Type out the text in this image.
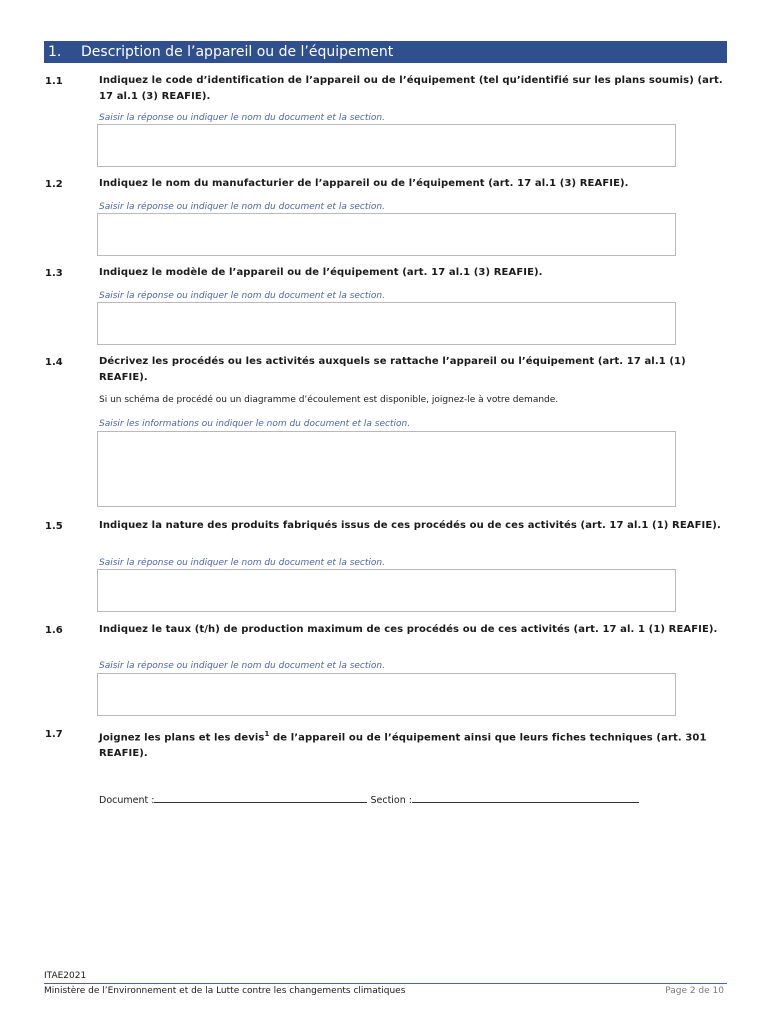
1. Description de l’appareil ou de l’équipement
1.1	Indiquez le code d’identification de l’appareil ou de l’équipement (tel qu’identifié sur les plans soumis) (art. 17 al.1 (3) REAFIE).
Saisir la réponse ou indiquer le nom du document et la section.
1.2	Indiquez le nom du manufacturier de l’appareil ou de l’équipement (art. 17 al.1 (3) REAFIE).
Saisir la réponse ou indiquer le nom du document et la section.
1.3	Indiquez le modèle de l’appareil ou de l’équipement (art. 17 al.1 (3) REAFIE).
Saisir la réponse ou indiquer le nom du document et la section.
1.4	Décrivez les procédés ou les activités auxquels se rattache l’appareil ou l’équipement (art. 17 al.1 (1) REAFIE).
Si un schéma de procédé ou un diagramme d’écoulement est disponible, joignez-le à votre demande.
Saisir les informations ou indiquer le nom du document et la section.
1.5	Indiquez la nature des produits fabriqués issus de ces procédés ou de ces activités (art. 17 al.1 (1) REAFIE).
Saisir la réponse ou indiquer le nom du document et la section.
1.6	Indiquez le taux (t/h) de production maximum de ces procédés ou de ces activités (art. 17 al. 1 (1) REAFIE).
Saisir la réponse ou indiquer le nom du document et la section.
1.7	Joignez les plans et les devis$^1$ de l’appareil ou de l’équipement ainsi que leurs fiches techniques (art. 301 REAFIE).
Document :	Section :
ITAE2021
Ministère de l’Environnement et de la Lutte contre les changements climatiques	Page 2 de 10
